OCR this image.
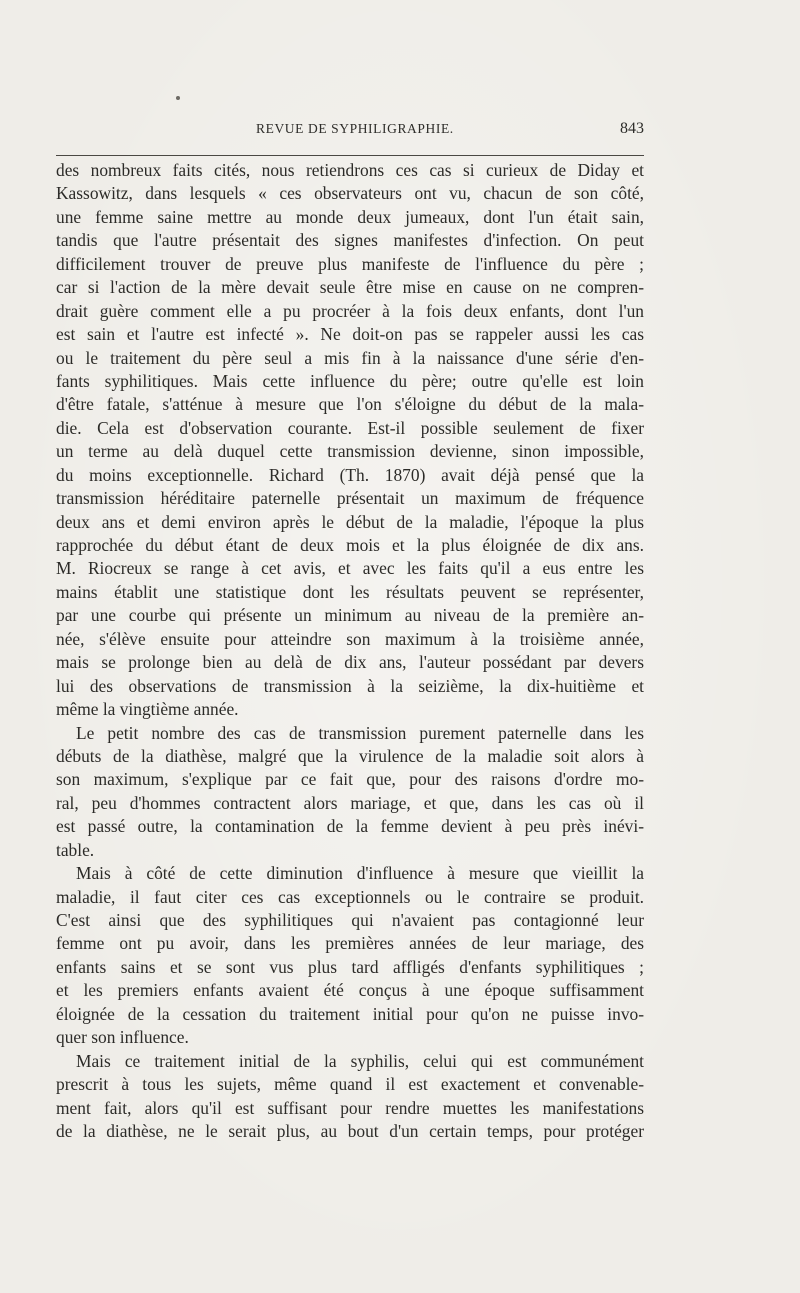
REVUE DE SYPHILIGRAPHIE.	843
des nombreux faits cités, nous retiendrons ces cas si curieux de Diday et
Kassowitz, dans lesquels « ces observateurs ont vu, chacun de son côté,
une femme saine mettre au monde deux jumeaux, dont l'un était sain,
tandis que l'autre présentait des signes manifestes d'infection. On peut
difficilement trouver de preuve plus manifeste de l'influence du père ;
car si l'action de la mère devait seule être mise en cause on ne compren-
drait guère comment elle a pu procréer à la fois deux enfants, dont l'un
est sain et l'autre est infecté ». Ne doit-on pas se rappeler aussi les cas
ou le traitement du père seul a mis fin à la naissance d'une série d'en-
fants syphilitiques. Mais cette influence du père; outre qu'elle est loin
d'être fatale, s'atténue à mesure que l'on s'éloigne du début de la mala-
die. Cela est d'observation courante. Est-il possible seulement de fixer
un terme au delà duquel cette transmission devienne, sinon impossible,
du moins exceptionnelle. Richard (Th. 1870) avait déjà pensé que la
transmission héréditaire paternelle présentait un maximum de fréquence
deux ans et demi environ après le début de la maladie, l'époque la plus
rapprochée du début étant de deux mois et la plus éloignée de dix ans.
M. Riocreux se range à cet avis, et avec les faits qu'il a eus entre les
mains établit une statistique dont les résultats peuvent se représenter,
par une courbe qui présente un minimum au niveau de la première an-
née, s'élève ensuite pour atteindre son maximum à la troisième année,
mais se prolonge bien au delà de dix ans, l'auteur possédant par devers
lui des observations de transmission à la seizième, la dix-huitième et
même la vingtième année.
Le petit nombre des cas de transmission purement paternelle dans les
débuts de la diathèse, malgré que la virulence de la maladie soit alors à
son maximum, s'explique par ce fait que, pour des raisons d'ordre mo-
ral, peu d'hommes contractent alors mariage, et que, dans les cas où il
est passé outre, la contamination de la femme devient à peu près inévi-
table.
Mais à côté de cette diminution d'influence à mesure que vieillit la
maladie, il faut citer ces cas exceptionnels ou le contraire se produit.
C'est ainsi que des syphilitiques qui n'avaient pas contagionné leur
femme ont pu avoir, dans les premières années de leur mariage, des
enfants sains et se sont vus plus tard affligés d'enfants syphilitiques ;
et les premiers enfants avaient été conçus à une époque suffisamment
éloignée de la cessation du traitement initial pour qu'on ne puisse invo-
quer son influence.
Mais ce traitement initial de la syphilis, celui qui est communément
prescrit à tous les sujets, même quand il est exactement et convenable-
ment fait, alors qu'il est suffisant pour rendre muettes les manifestations
de la diathèse, ne le serait plus, au bout d'un certain temps, pour protéger
